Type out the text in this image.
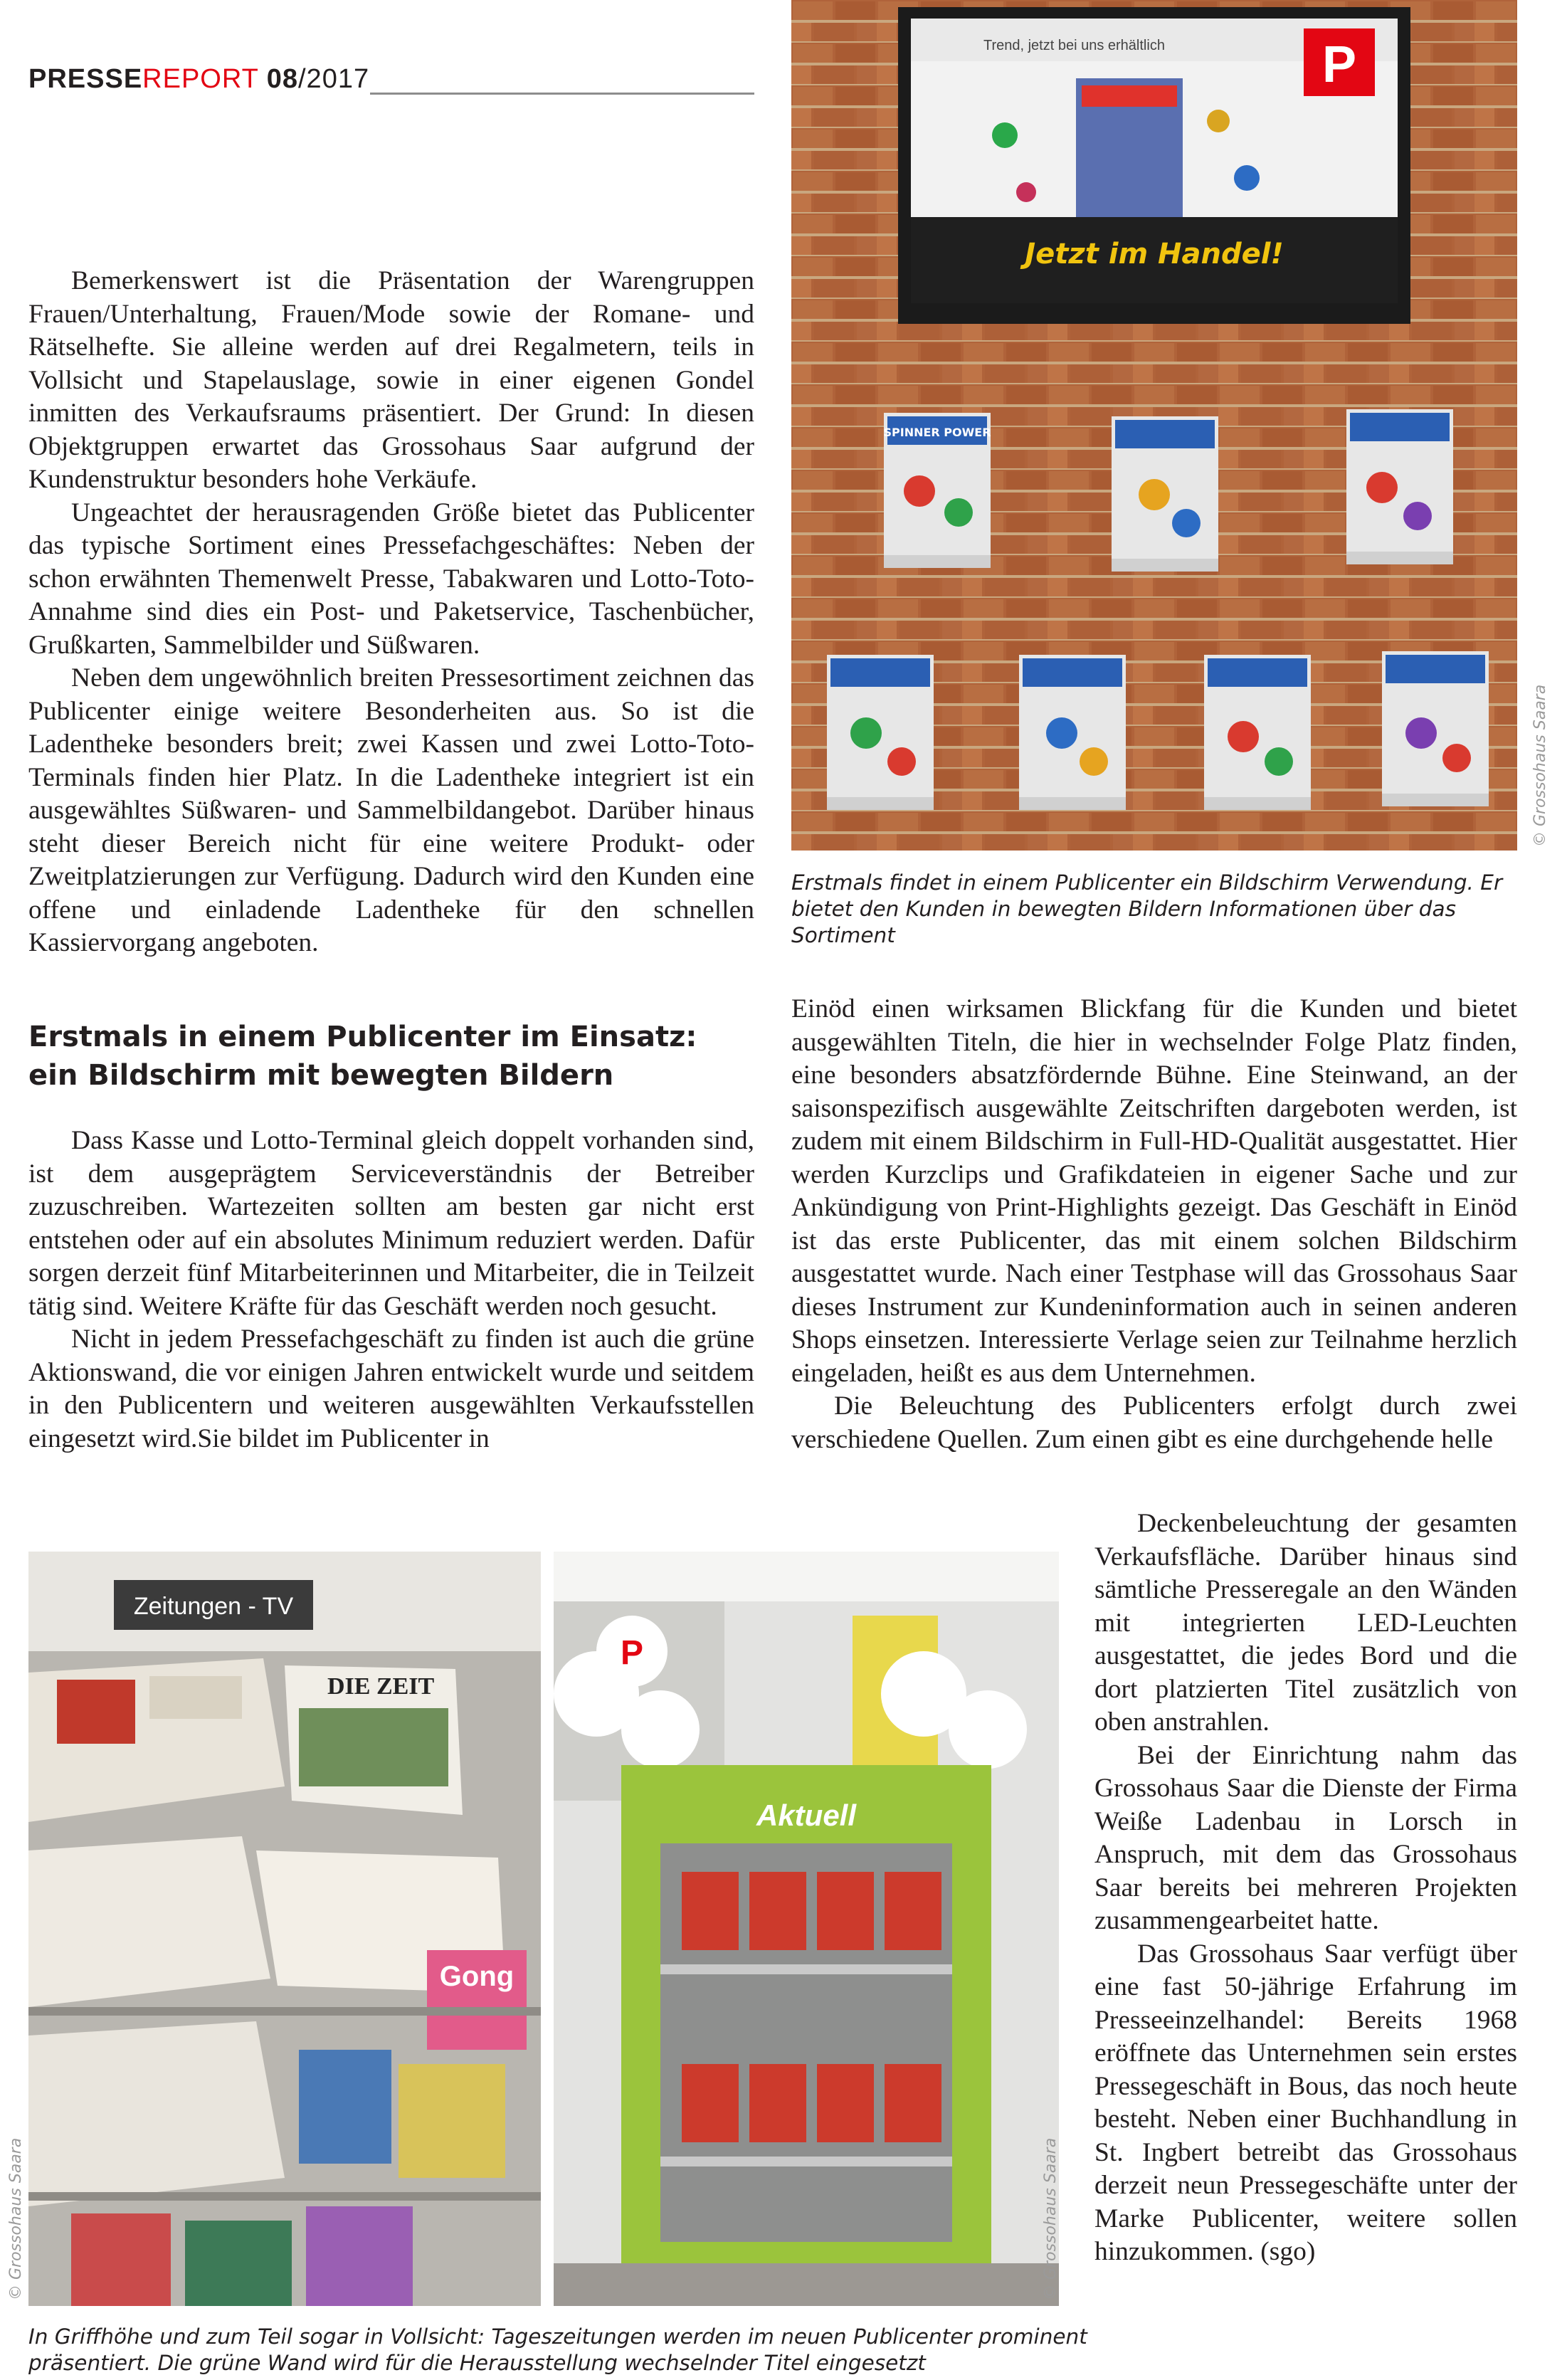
PRESSEREPORT 08/2017
Trend, jetzt bei uns erhältlich	P
Jetzt im Handel!
SPINNER POWER
© Grossohaus Saara
Erstmals findet in einem Publicenter ein Bildschirm Verwendung. Er bietet den Kunden in bewegten Bildern Informationen über das Sortiment

Bemerkenswert ist die Präsentation der Warengruppen Frauen/Unterhaltung, Frauen/Mode sowie der Romane- und Rätselhefte. Sie alleine werden auf drei Regalmetern, teils in Vollsicht und Stapelauslage, sowie in einer eigenen Gondel inmitten des Verkaufsraums präsentiert. Der Grund: In diesen Objektgruppen erwartet das Grossohaus Saar aufgrund der Kundenstruktur besonders hohe Verkäufe.

Ungeachtet der herausragenden Größe bietet das Publicenter das typische Sortiment eines Pressefachgeschäftes: Neben der schon erwähnten Themenwelt Presse, Tabakwaren und Lotto-Toto-Annahme sind dies ein Post- und Paketservice, Taschenbücher, Grußkarten, Sammelbilder und Süßwaren.

Neben dem ungewöhnlich breiten Pressesortiment zeichnen das Publicenter einige weitere Besonderheiten aus. So ist die Ladentheke besonders breit; zwei Kassen und zwei Lotto-Toto-Terminals finden hier Platz. In die Ladentheke integriert ist ein ausgewähltes Süßwaren- und Sammelbildangebot. Darüber hinaus steht dieser Bereich nicht für eine weitere Produkt- oder Zweitplatzierungen zur Verfügung. Dadurch wird den Kunden eine offene und einladende Ladentheke für den schnellen Kassiervorgang angeboten.

Erstmals in einem Publicenter im Einsatz:
ein Bildschirm mit bewegten Bildern

Dass Kasse und Lotto-Terminal gleich doppelt vorhanden sind, ist dem ausgeprägtem Serviceverständnis der Betreiber zuzuschreiben. Wartezeiten sollten am besten gar nicht erst entstehen oder auf ein absolutes Minimum reduziert werden. Dafür sorgen derzeit fünf Mitarbeiterinnen und Mitarbeiter, die in Teilzeit tätig sind. Weitere Kräfte für das Geschäft werden noch gesucht.

Nicht in jedem Pressefachgeschäft zu finden ist auch die grüne Aktionswand, die vor einigen Jahren entwickelt wurde und seitdem in den Publicentern und weiteren ausgewählten Verkaufsstellen eingesetzt wird.Sie bildet im Publicenter in

Einöd einen wirksamen Blickfang für die Kunden und bietet ausgewählten Titeln, die hier in wechselnder Folge Platz finden, eine besonders absatzfördernde Bühne. Eine Steinwand, an der saisonspezifisch ausgewählte Zeitschriften dargeboten werden, ist zudem mit einem Bildschirm in Full-HD-Qualität ausgestattet. Hier werden Kurzclips und Grafikdateien in eigener Sache und zur Ankündigung von Print-Highlights gezeigt. Das Geschäft in Einöd ist das erste Publicenter, das mit einem solchen Bildschirm ausgestattet wurde. Nach einer Testphase will das Grossohaus Saar dieses Instrument zur Kundeninformation auch in seinen anderen Shops einsetzen. Interessierte Verlage seien zur Teilnahme herzlich eingeladen, heißt es aus dem Unternehmen.

Die Beleuchtung des Publicenters erfolgt durch zwei verschiedene Quellen. Zum einen gibt es eine durchgehende helle

Deckenbeleuchtung der gesamten Verkaufsfläche. Darüber hinaus sind sämtliche Presseregale an den Wänden mit integrierten LED-Leuchten ausgestattet, die jedes Bord und die dort platzierten Titel zusätzlich von oben anstrahlen.

Bei der Einrichtung nahm das Grossohaus Saar die Dienste der Firma Weiße Ladenbau in Lorsch in Anspruch, mit dem das Grossohaus Saar bereits bei mehreren Projekten zusammengearbeitet hatte.

Das Grossohaus Saar verfügt über eine fast 50-jährige Erfahrung im Presseeinzelhandel: Bereits 1968 eröffnete das Unternehmen sein erstes Pressegeschäft in Bous, das noch heute besteht. Neben einer Buchhandlung in St. Ingbert betreibt das Grossohaus derzeit neun Pressegeschäfte unter der Marke Publicenter, weitere sollen hinzukommen. (sgo)

Zeitungen - TV
DIE ZEIT
Gong
© Grossohaus Saara
P
Aktuell
© Grossohaus Saara
In Griffhöhe und zum Teil sogar in Vollsicht: Tageszeitungen werden im neuen Publicenter prominent präsentiert. Die grüne Wand wird für die Herausstellung wechselnder Titel eingesetzt
